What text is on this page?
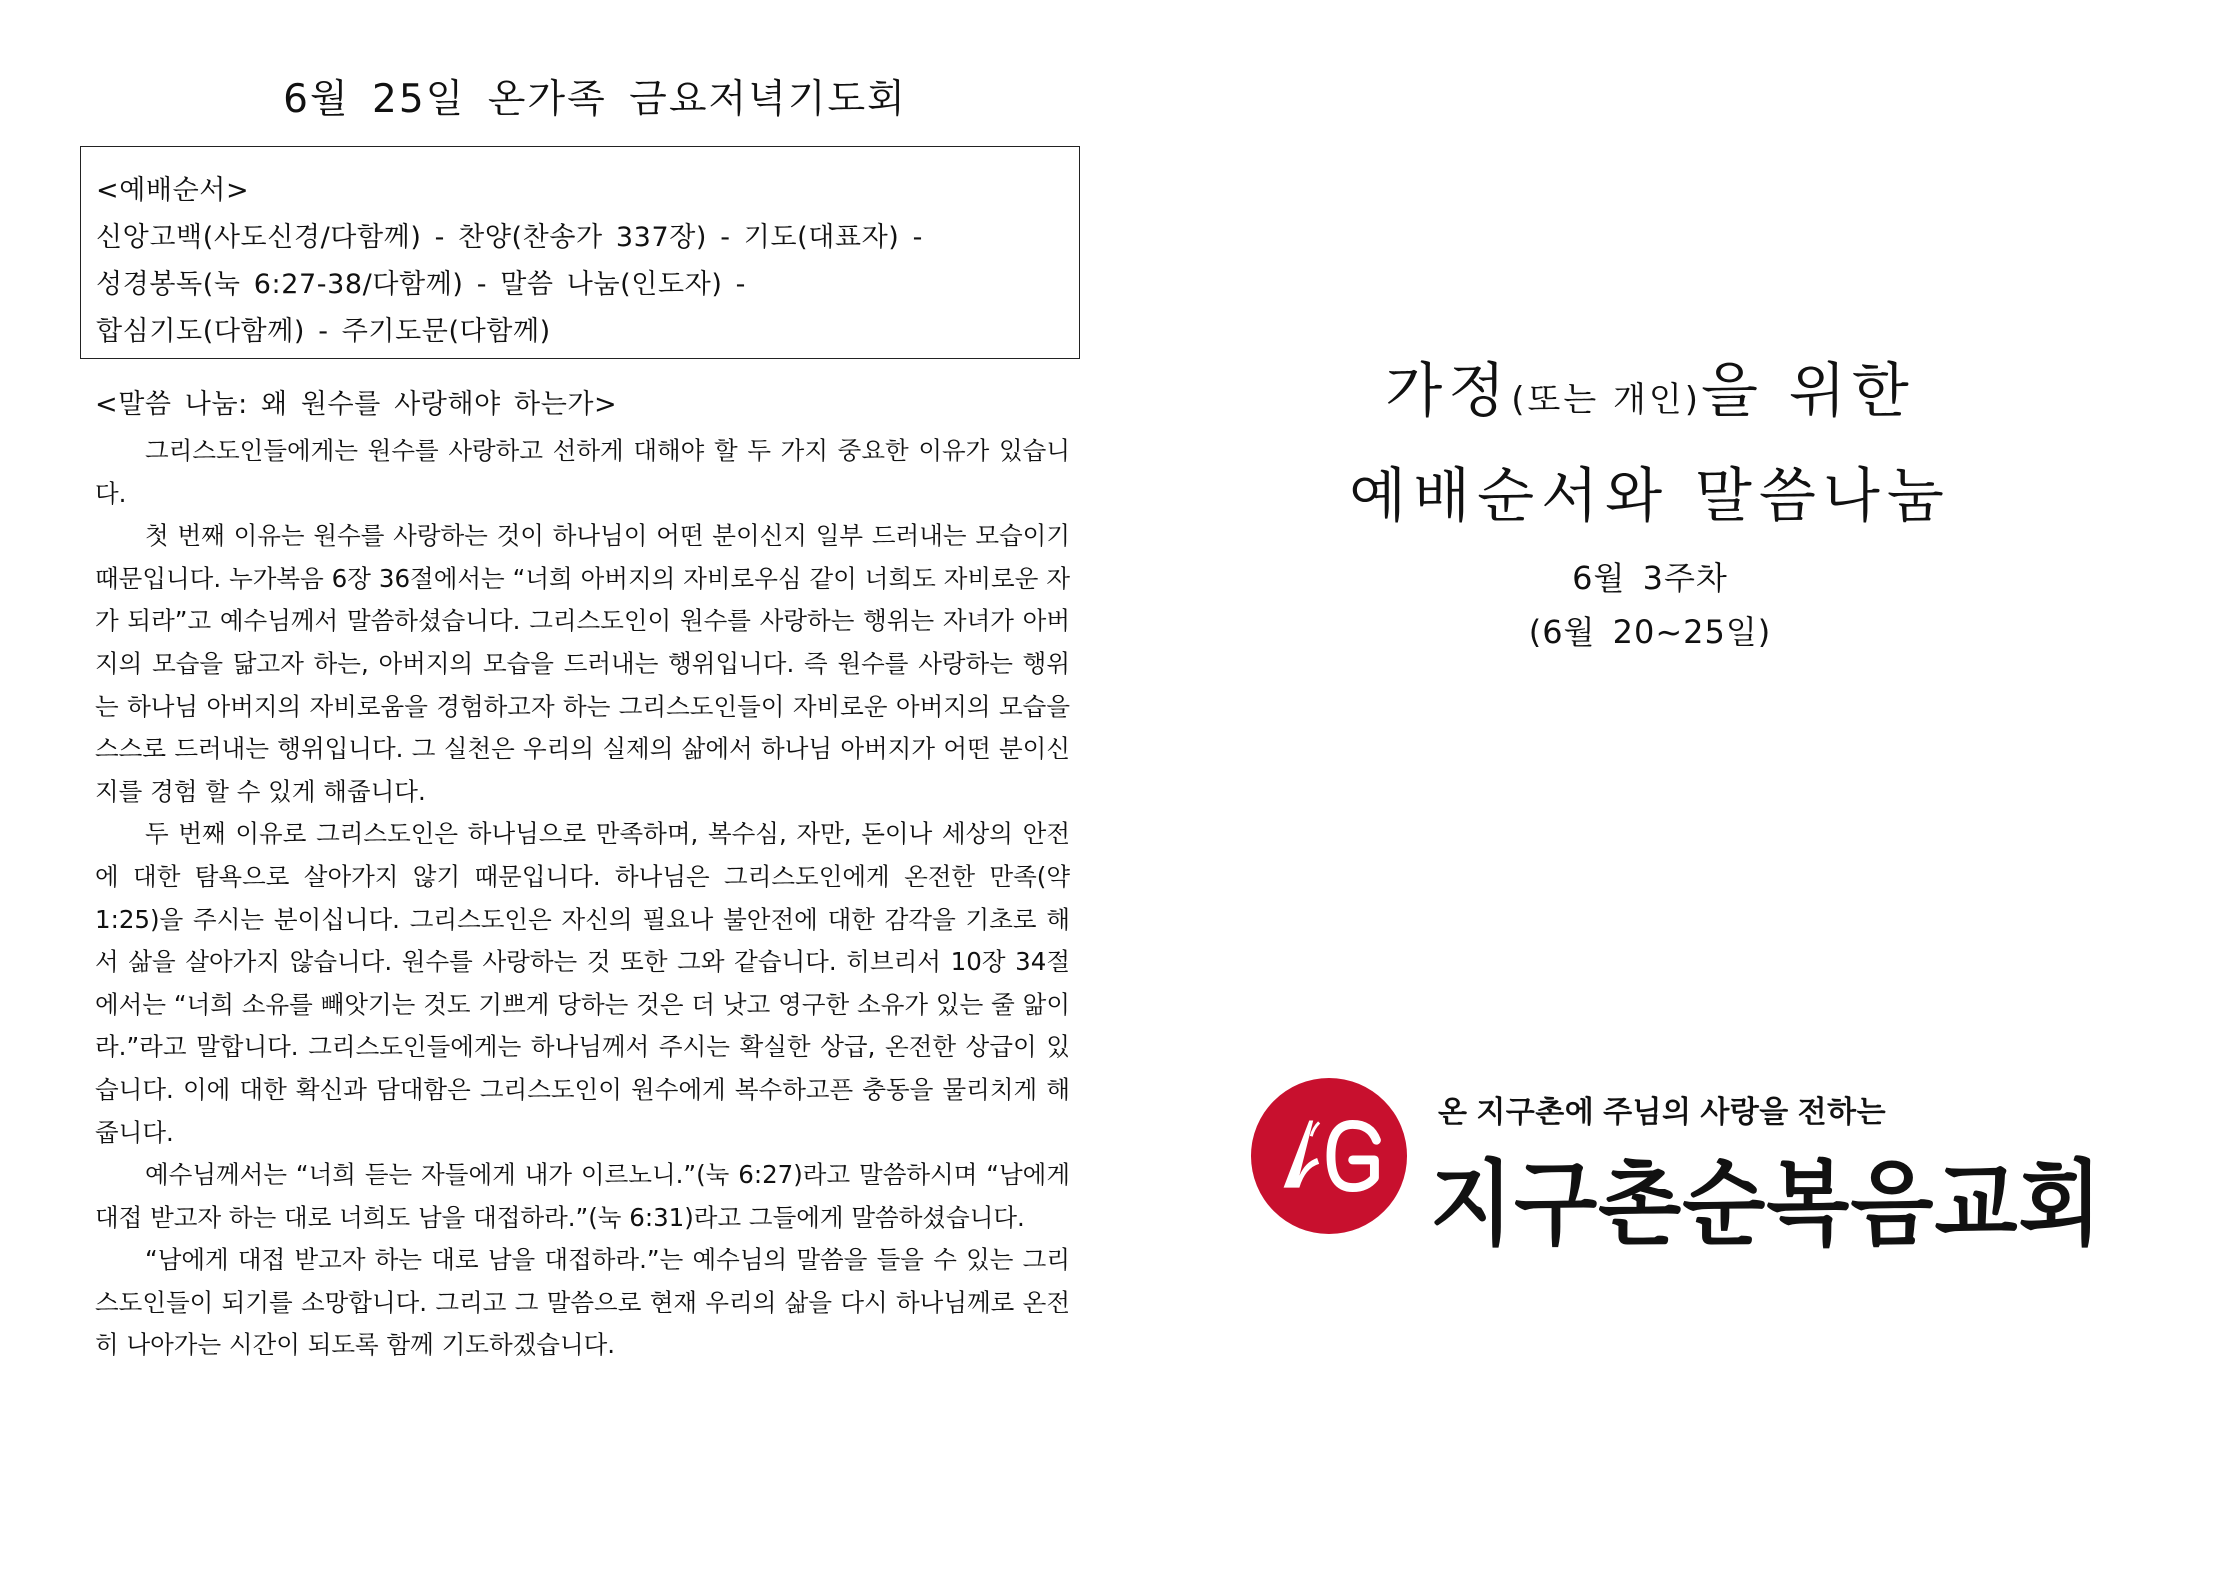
6월 25일 온가족 금요저녁기도회
<예배순서>
신앙고백(사도신경/다함께) - 찬양(찬송가 337장) - 기도(대표자) -
성경봉독(눅 6:27-38/다함께) - 말씀 나눔(인도자) -
합심기도(다함께) - 주기도문(다함께)
<말씀 나눔: 왜 원수를 사랑해야 하는가>

그리스도인들에게는 원수를 사랑하고 선하게 대해야 할 두 가지 중요한 이유가 있습니다.

첫 번째 이유는 원수를 사랑하는 것이 하나님이 어떤 분이신지 일부 드러내는 모습이기 때문입니다. 누가복음 6장 36절에서는 “너희 아버지의 자비로우심 같이 너희도 자비로운 자가 되라”고 예수님께서 말씀하셨습니다. 그리스도인이 원수를 사랑하는 행위는 자녀가 아버지의 모습을 닮고자 하는, 아버지의 모습을 드러내는 행위입니다. 즉 원수를 사랑하는 행위는 하나님 아버지의 자비로움을 경험하고자 하는 그리스도인들이 자비로운 아버지의 모습을 스스로 드러내는 행위입니다. 그 실천은 우리의 실제의 삶에서 하나님 아버지가 어떤 분이신지를 경험 할 수 있게 해줍니다.

두 번째 이유로 그리스도인은 하나님으로 만족하며, 복수심, 자만, 돈이나 세상의 안전에 대한 탐욕으로 살아가지 않기 때문입니다. 하나님은 그리스도인에게 온전한 만족(약 1:25)을 주시는 분이십니다. 그리스도인은 자신의 필요나 불안전에 대한 감각을 기초로 해서 삶을 살아가지 않습니다. 원수를 사랑하는 것 또한 그와 같습니다. 히브리서 10장 34절에서는 “너희 소유를 빼앗기는 것도 기쁘게 당하는 것은 더 낫고 영구한 소유가 있는 줄 앎이라.”라고 말합니다. 그리스도인들에게는 하나님께서 주시는 확실한 상급, 온전한 상급이 있습니다. 이에 대한 확신과 담대함은 그리스도인이 원수에게 복수하고픈 충동을 물리치게 해줍니다.

예수님께서는 “너희 듣는 자들에게 내가 이르노니.”(눅 6:27)라고 말씀하시며 “남에게 대접 받고자 하는 대로 너희도 남을 대접하라.”(눅 6:31)라고 그들에게 말씀하셨습니다.

“남에게 대접 받고자 하는 대로 남을 대접하라.”는 예수님의 말씀을 들을 수 있는 그리스도인들이 되기를 소망합니다. 그리고 그 말씀으로 현재 우리의 삶을 다시 하나님께로 온전히 나아가는 시간이 되도록 함께 기도하겠습니다.

가정(또는 개인)을 위한
예배순서와 말씀나눔
6월 3주차
(6월 20~25일)
온 지구촌에 주님의 사랑을 전하는
지구촌순복음교회
